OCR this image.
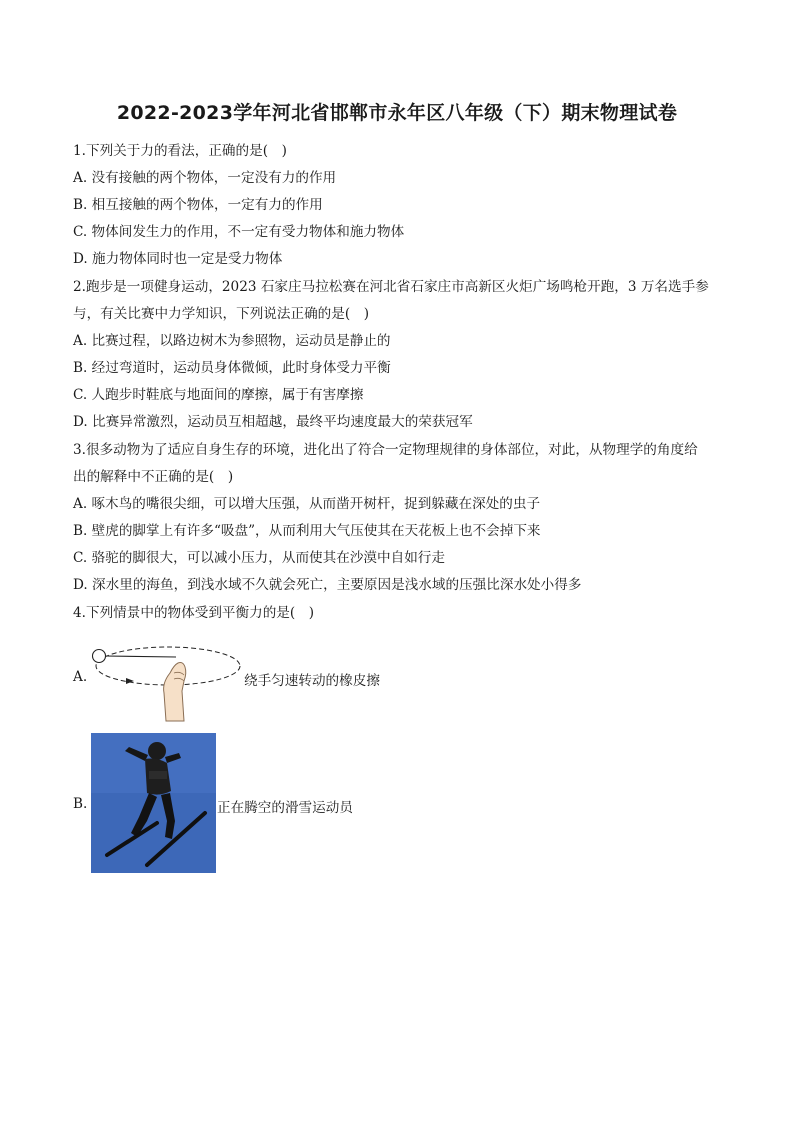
2022-2023学年河北省邯郸市永年区八年级（下）期末物理试卷
1.下列关于力的看法，正确的是(　)
A. 没有接触的两个物体，一定没有力的作用
B. 相互接触的两个物体，一定有力的作用
C. 物体间发生力的作用，不一定有受力物体和施力物体
D. 施力物体同时也一定是受力物体
2.跑步是一项健身运动，2023 石家庄马拉松赛在河北省石家庄市高新区火炬广场鸣枪开跑，3 万名选手参
与，有关比赛中力学知识，下列说法正确的是(　)
A. 比赛过程，以路边树木为参照物，运动员是静止的
B. 经过弯道时，运动员身体微倾，此时身体受力平衡
C. 人跑步时鞋底与地面间的摩擦，属于有害摩擦
D. 比赛异常激烈，运动员互相超越，最终平均速度最大的荣获冠军
3.很多动物为了适应自身生存的环境，进化出了符合一定物理规律的身体部位，对此，从物理学的角度给
出的解释中不正确的是(　)
A. 啄木鸟的嘴很尖细，可以增大压强，从而凿开树杆，捉到躲藏在深处的虫子
B. 壁虎的脚掌上有许多“吸盘”，从而利用大气压使其在天花板上也不会掉下来
C. 骆驼的脚很大，可以减小压力，从而使其在沙漠中自如行走
D. 深水里的海鱼，到浅水域不久就会死亡，主要原因是浅水域的压强比深水处小得多
4.下列情景中的物体受到平衡力的是(　)
A.	绕手匀速转动的橡皮擦
B.	正在腾空的滑雪运动员
